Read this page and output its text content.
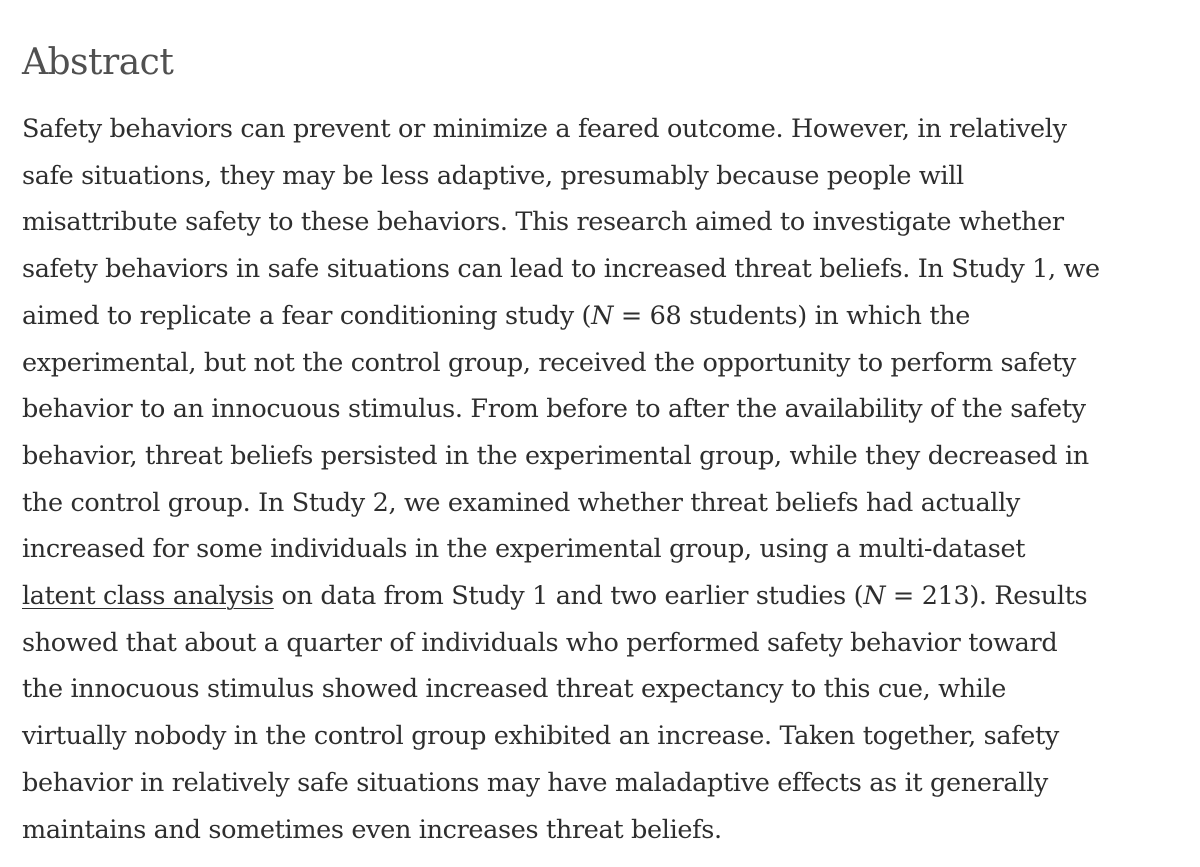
Abstract

Safety behaviors can prevent or minimize a feared outcome. However, in relatively
safe situations, they may be less adaptive, presumably because people will
misattribute safety to these behaviors. This research aimed to investigate whether
safety behaviors in safe situations can lead to increased threat beliefs. In Study 1, we
aimed to replicate a fear conditioning study (N = 68 students) in which the
experimental, but not the control group, received the opportunity to perform safety
behavior to an innocuous stimulus. From before to after the availability of the safety
behavior, threat beliefs persisted in the experimental group, while they decreased in
the control group. In Study 2, we examined whether threat beliefs had actually
increased for some individuals in the experimental group, using a multi-dataset
latent class analysis on data from Study 1 and two earlier studies (N = 213). Results
showed that about a quarter of individuals who performed safety behavior toward
the innocuous stimulus showed increased threat expectancy to this cue, while
virtually nobody in the control group exhibited an increase. Taken together, safety
behavior in relatively safe situations may have maladaptive effects as it generally
maintains and sometimes even increases threat beliefs.
